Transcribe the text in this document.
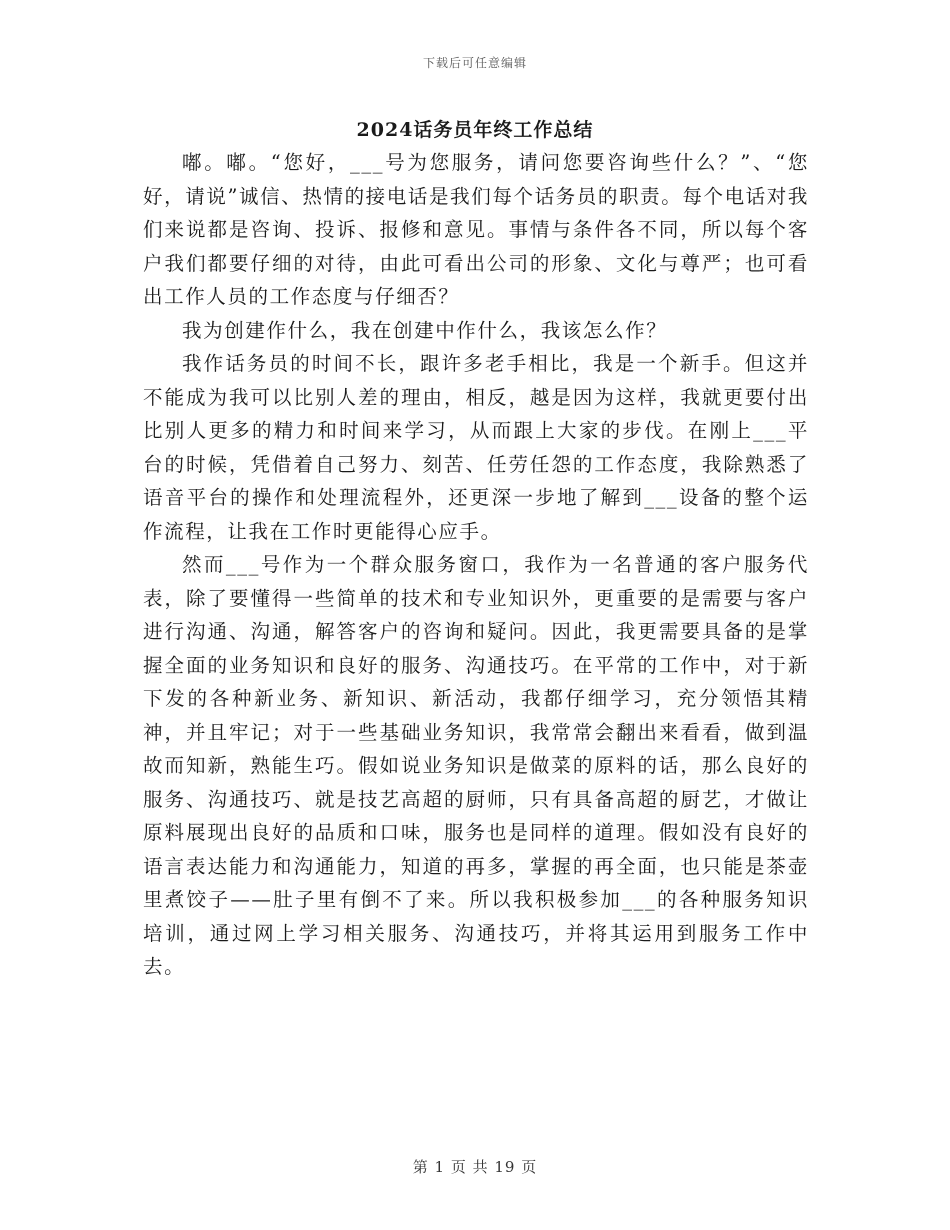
下载后可任意编辑
2024话务员年终工作总结

嘟。嘟。“您好，___号为您服务，请问您要咨询些什么？”、“您好，请说”诚信、热情的接电话是我们每个话务员的职责。每个电话对我们来说都是咨询、投诉、报修和意见。事情与条件各不同，所以每个客户我们都要仔细的对待，由此可看出公司的形象、文化与尊严；也可看出工作人员的工作态度与仔细否？

我为创建作什么，我在创建中作什么，我该怎么作？

我作话务员的时间不长，跟许多老手相比，我是一个新手。但这并不能成为我可以比别人差的理由，相反，越是因为这样，我就更要付出比别人更多的精力和时间来学习，从而跟上大家的步伐。在刚上___平台的时候，凭借着自己努力、刻苦、任劳任怨的工作态度，我除熟悉了语音平台的操作和处理流程外，还更深一步地了解到___设备的整个运作流程，让我在工作时更能得心应手。

然而___号作为一个群众服务窗口，我作为一名普通的客户服务代表，除了要懂得一些简单的技术和专业知识外，更重要的是需要与客户进行沟通、沟通，解答客户的咨询和疑问。因此，我更需要具备的是掌握全面的业务知识和良好的服务、沟通技巧。在平常的工作中，对于新下发的各种新业务、新知识、新活动，我都仔细学习，充分领悟其精神，并且牢记；对于一些基础业务知识，我常常会翻出来看看，做到温故而知新，熟能生巧。假如说业务知识是做菜的原料的话，那么良好的服务、沟通技巧、就是技艺高超的厨师，只有具备高超的厨艺，才做让原料展现出良好的品质和口味，服务也是同样的道理。假如没有良好的语言表达能力和沟通能力，知道的再多，掌握的再全面，也只能是茶壶里煮饺子——肚子里有倒不了来。所以我积极参加___的各种服务知识培训，通过网上学习相关服务、沟通技巧，并将其运用到服务工作中去。

第 1 页 共 19 页
